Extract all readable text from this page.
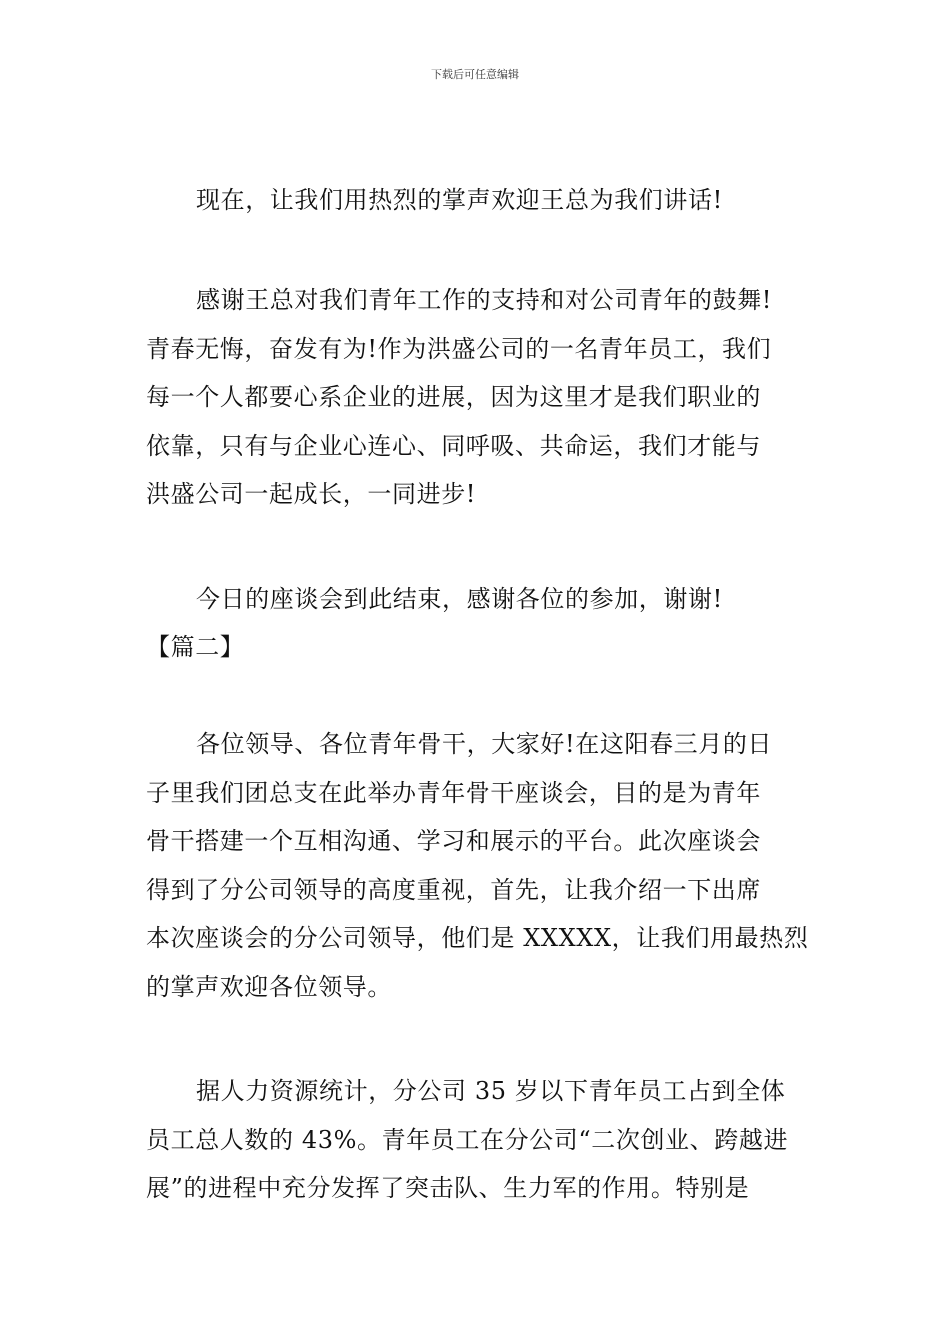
下载后可任意编辑

现在，让我们用热烈的掌声欢迎王总为我们讲话!

感谢王总对我们青年工作的支持和对公司青年的鼓舞!
青春无悔，奋发有为!作为洪盛公司的一名青年员工，我们
每一个人都要心系企业的进展，因为这里才是我们职业的
依靠，只有与企业心连心、同呼吸、共命运，我们才能与
洪盛公司一起成长，一同进步!

今日的座谈会到此结束，感谢各位的参加，谢谢!

【篇二】

各位领导、各位青年骨干，大家好!在这阳春三月的日
子里我们团总支在此举办青年骨干座谈会，目的是为青年
骨干搭建一个互相沟通、学习和展示的平台。此次座谈会
得到了分公司领导的高度重视，首先，让我介绍一下出席
本次座谈会的分公司领导，他们是 XXXXX，让我们用最热烈
的掌声欢迎各位领导。

据人力资源统计，分公司 35 岁以下青年员工占到全体
员工总人数的 43%。青年员工在分公司“二次创业、跨越进
展”的进程中充分发挥了突击队、生力军的作用。特别是
